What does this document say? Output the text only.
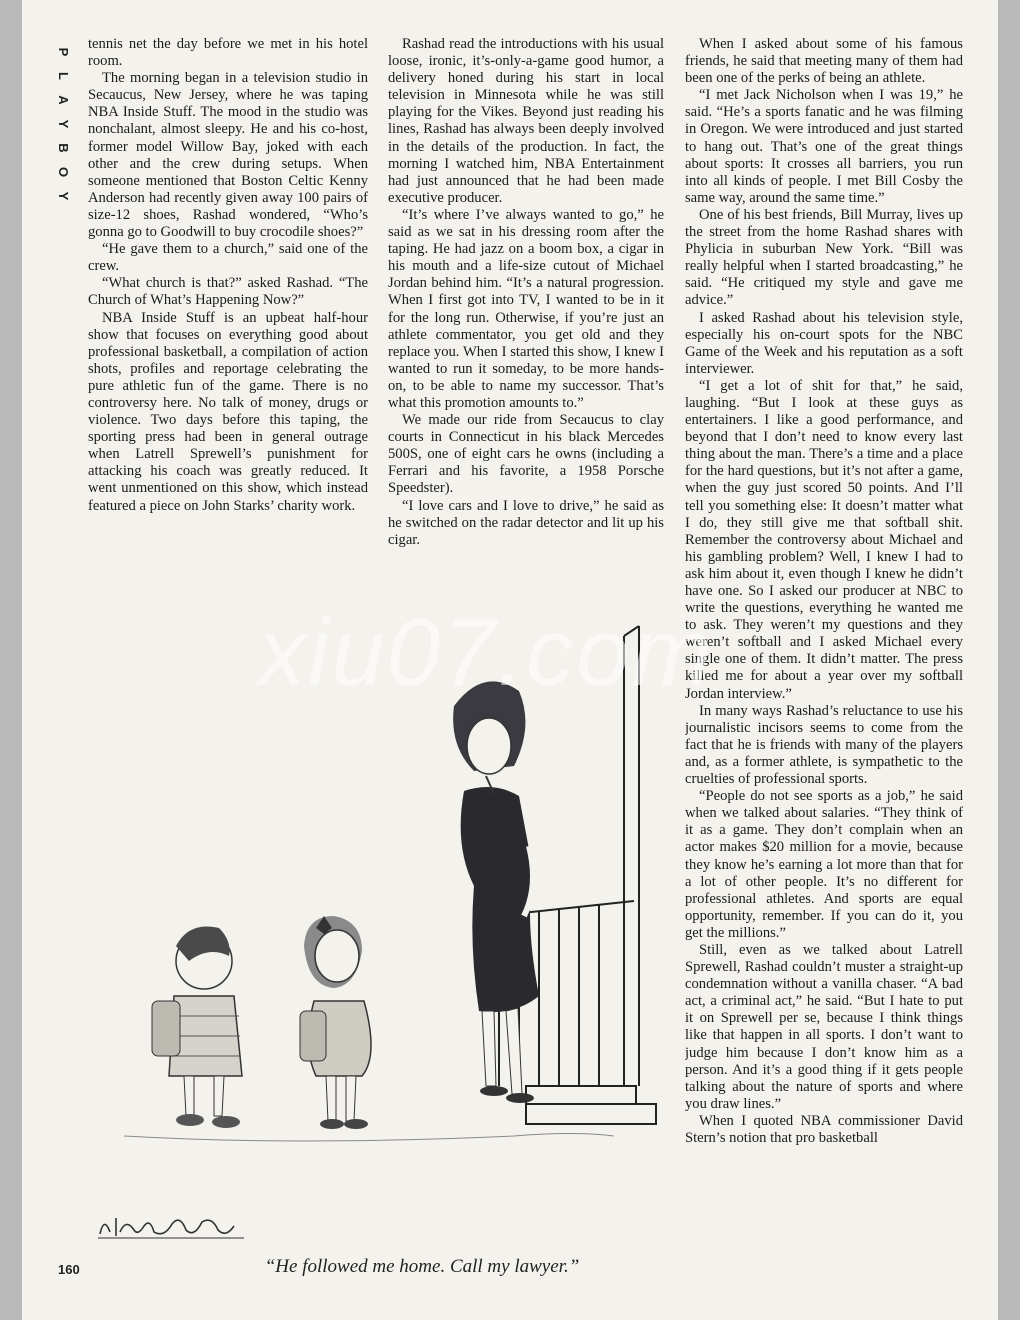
P
L
A
Y
B
O
Y

tennis net the day before we met in his hotel room.

The morning began in a television studio in Secaucus, New Jersey, where he was taping NBA Inside Stuff. The mood in the studio was nonchalant, almost sleepy. He and his co-host, former model Willow Bay, joked with each other and the crew during setups. When someone mentioned that Boston Celtic Kenny Anderson had recently given away 100 pairs of size-12 shoes, Rashad wondered, “Who’s gonna go to Goodwill to buy crocodile shoes?”

“He gave them to a church,” said one of the crew.

“What church is that?” asked Rashad. “The Church of What’s Happening Now?”

NBA Inside Stuff is an upbeat half-hour show that focuses on everything good about professional basketball, a compilation of action shots, profiles and reportage celebrating the pure athletic fun of the game. There is no controversy here. No talk of money, drugs or violence. Two days before this taping, the sporting press had been in general outrage when Latrell Sprewell’s punishment for attacking his coach was greatly reduced. It went unmentioned on this show, which instead featured a piece on John Starks’ charity work.

Rashad read the introductions with his usual loose, ironic, it’s-only-a-game good humor, a delivery honed during his start in local television in Minnesota while he was still playing for the Vikes. Beyond just reading his lines, Rashad has always been deeply involved in the details of the production. In fact, the morning I watched him, NBA Entertainment had just announced that he had been made executive producer.

“It’s where I’ve always wanted to go,” he said as we sat in his dressing room after the taping. He had jazz on a boom box, a cigar in his mouth and a life-size cutout of Michael Jordan behind him. “It’s a natural progression. When I first got into TV, I wanted to be in it for the long run. Otherwise, if you’re just an athlete commentator, you get old and they replace you. When I started this show, I knew I wanted to run it someday, to be more hands-on, to be able to name my successor. That’s what this promotion amounts to.”

We made our ride from Secaucus to clay courts in Connecticut in his black Mercedes 500S, one of eight cars he owns (including a Ferrari and his favorite, a 1958 Porsche Speedster).

“I love cars and I love to drive,” he said as he switched on the radar detector and lit up his cigar.

When I asked about some of his famous friends, he said that meeting many of them had been one of the perks of being an athlete.

“I met Jack Nicholson when I was 19,” he said. “He’s a sports fanatic and he was filming in Oregon. We were introduced and just started to hang out. That’s one of the great things about sports: It crosses all barriers, you run into all kinds of people. I met Bill Cosby the same way, around the same time.”

One of his best friends, Bill Murray, lives up the street from the home Rashad shares with Phylicia in suburban New York. “Bill was really helpful when I started broadcasting,” he said. “He critiqued my style and gave me advice.”

I asked Rashad about his television style, especially his on-court spots for the NBC Game of the Week and his reputation as a soft interviewer.

“I get a lot of shit for that,” he said, laughing. “But I look at these guys as entertainers. I like a good performance, and beyond that I don’t need to know every last thing about the man. There’s a time and a place for the hard questions, but it’s not after a game, when the guy just scored 50 points. And I’ll tell you something else: It doesn’t matter what I do, they still give me that softball shit. Remember the controversy about Michael and his gambling problem? Well, I knew I had to ask him about it, even though I knew he didn’t have one. So I asked our producer at NBC to write the questions, everything he wanted me to ask. They weren’t my questions and they weren’t softball and I asked Michael every single one of them. It didn’t matter. The press killed me for about a year over my softball Jordan interview.”

In many ways Rashad’s reluctance to use his journalistic incisors seems to come from the fact that he is friends with many of the players and, as a former athlete, is sympathetic to the cruelties of professional sports.

“People do not see sports as a job,” he said when we talked about salaries. “They think of it as a game. They don’t complain when an actor makes $20 million for a movie, because they know he’s earning a lot more than that for a lot of other people. It’s no different for professional athletes. And sports are equal opportunity, remember. If you can do it, you get the millions.”

Still, even as we talked about Latrell Sprewell, Rashad couldn’t muster a straight-up condemnation without a vanilla chaser. “A bad act, a criminal act,” he said. “But I hate to put it on Sprewell per se, because I think things like that happen in all sports. I don’t want to judge him because I don’t know him as a person. And it’s a good thing if it gets people talking about the nature of sports and where you draw lines.”

When I quoted NBA commissioner David Stern’s notion that pro basketball

“He followed me home. Call my lawyer.”
160
xiu07.com
